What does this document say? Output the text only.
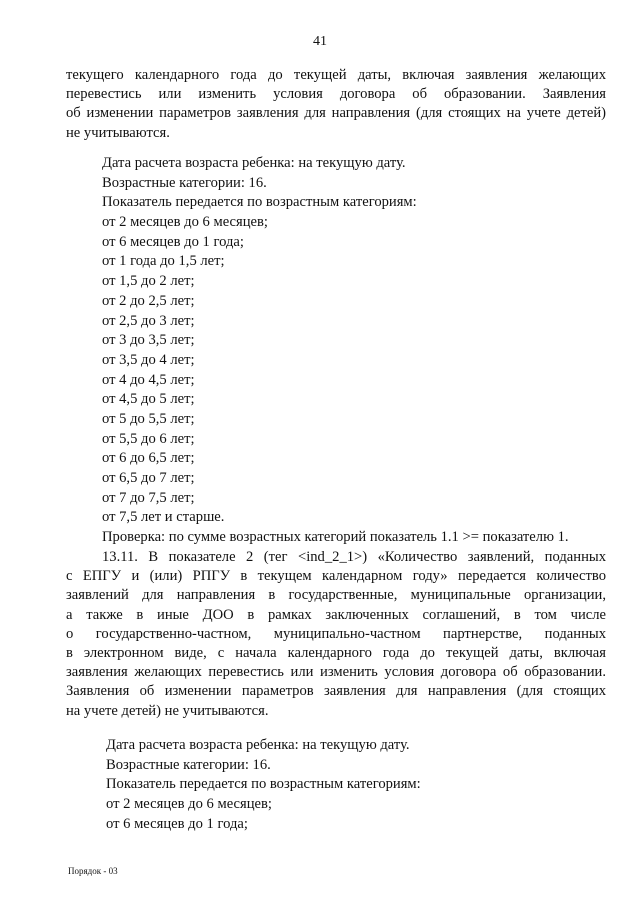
41
текущего календарного года до текущей даты, включая заявления желающих
перевестись или изменить условия договора об образовании. Заявления
об изменении параметров заявления для направления (для стоящих на учете детей)
не учитываются.
Дата расчета возраста ребенка: на текущую дату.
Возрастные категории: 16.
Показатель передается по возрастным категориям:
от 2 месяцев до 6 месяцев;
от 6 месяцев до 1 года;
от 1 года до 1,5 лет;
от 1,5 до 2 лет;
от 2 до 2,5 лет;
от 2,5 до 3 лет;
от 3 до 3,5 лет;
от 3,5 до 4 лет;
от 4 до 4,5 лет;
от 4,5 до 5 лет;
от 5 до 5,5 лет;
от 5,5 до 6 лет;
от 6 до 6,5 лет;
от 6,5 до 7 лет;
от 7 до 7,5 лет;
от 7,5 лет и старше.
Проверка: по сумме возрастных категорий показатель 1.1 >= показателю 1.
13.11. В показателе 2 (тег <ind_2_1>) «Количество заявлений, поданных
с ЕПГУ и (или) РПГУ в текущем календарном году» передается количество
заявлений для направления в государственные, муниципальные организации,
а также в иные ДОО в рамках заключенных соглашений, в том числе
о государственно-частном, муниципально-частном партнерстве, поданных
в электронном виде, с начала календарного года до текущей даты, включая
заявления желающих перевестись или изменить условия договора об образовании.
Заявления об изменении параметров заявления для направления (для стоящих
на учете детей) не учитываются.
Дата расчета возраста ребенка: на текущую дату.
Возрастные категории: 16.
Показатель передается по возрастным категориям:
от 2 месяцев до 6 месяцев;
от 6 месяцев до 1 года;
Порядок - 03
